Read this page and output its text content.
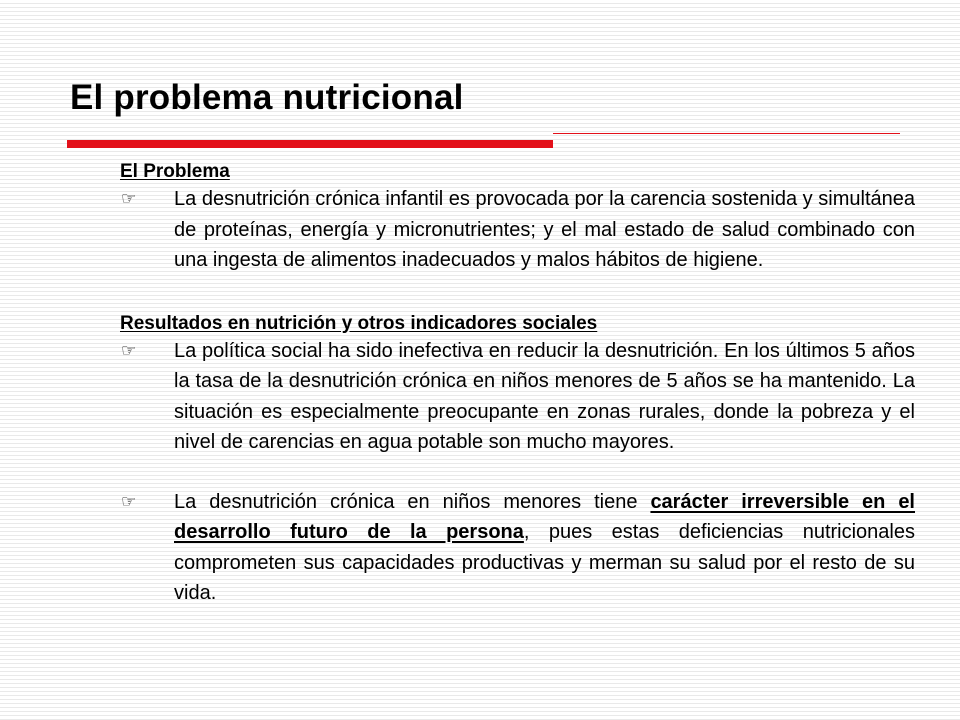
El problema nutricional

El Problema

☞ La desnutrición crónica infantil es provocada por la carencia sostenida y simultánea de proteínas, energía y micronutrientes; y el mal estado de salud combinado con una ingesta de alimentos inadecuados y malos hábitos de higiene.

Resultados en nutrición y otros indicadores sociales

☞ La política social ha sido inefectiva en reducir la desnutrición. En los últimos 5 años la tasa de la desnutrición crónica en niños menores de 5 años se ha mantenido. La situación es especialmente preocupante en zonas rurales, donde la pobreza y el nivel de carencias en agua potable son mucho mayores.

☞ La desnutrición crónica en niños menores tiene carácter irreversible en el desarrollo futuro de la persona, pues estas deficiencias nutricionales comprometen sus capacidades productivas y merman su salud por el resto de su vida.
